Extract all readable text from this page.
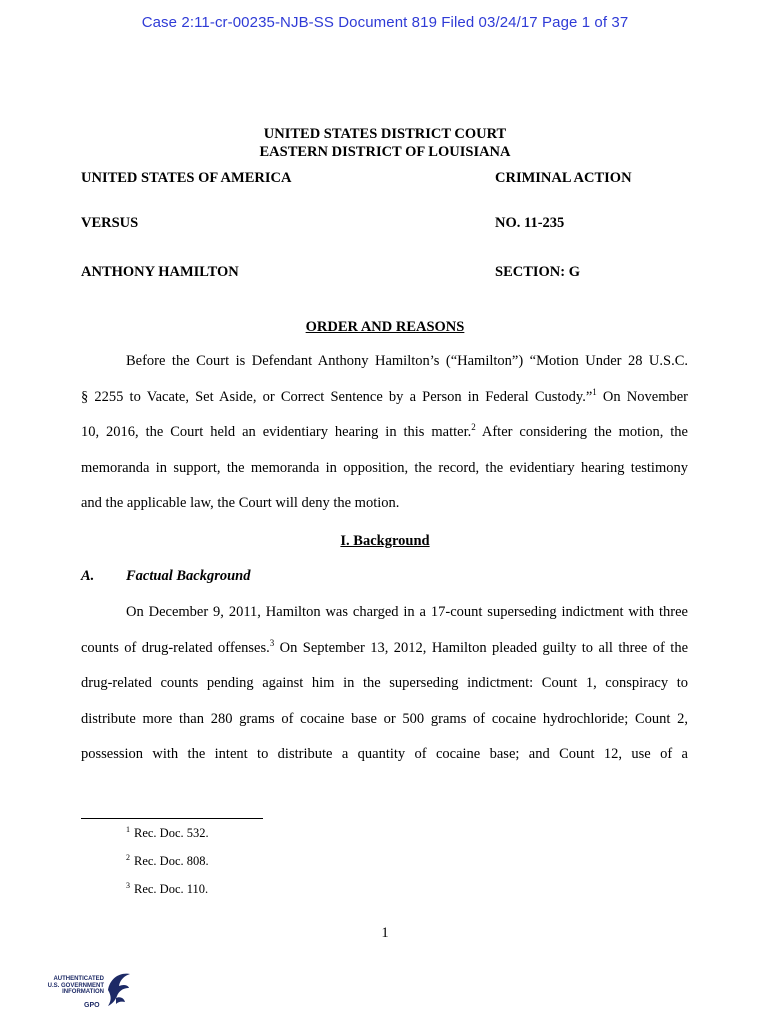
Case 2:11-cr-00235-NJB-SS Document 819 Filed 03/24/17 Page 1 of 37
UNITED STATES DISTRICT COURT
EASTERN DISTRICT OF LOUISIANA
UNITED STATES OF AMERICA	CRIMINAL ACTION
VERSUS	NO. 11-235
ANTHONY HAMILTON	SECTION: G
ORDER AND REASONS
Before the Court is Defendant Anthony Hamilton’s (“Hamilton”) “Motion Under 28 U.S.C.
§ 2255 to Vacate, Set Aside, or Correct Sentence by a Person in Federal Custody.”$^1$ On November
10, 2016, the Court held an evidentiary hearing in this matter.$^2$ After considering the motion, the
memoranda in support, the memoranda in opposition, the record, the evidentiary hearing testimony
and the applicable law, the Court will deny the motion.
I. Background
A. Factual Background
On December 9, 2011, Hamilton was charged in a 17-count superseding indictment with three
counts of drug-related offenses.$^3$ On September 13, 2012, Hamilton pleaded guilty to all three of the
drug-related counts pending against him in the superseding indictment: Count 1, conspiracy to
distribute more than 280 grams of cocaine base or 500 grams of cocaine hydrochloride; Count 2,
possession with the intent to distribute a quantity of cocaine base; and Count 12, use of a
$^1$ Rec. Doc. 532.
$^2$ Rec. Doc. 808.
$^3$ Rec. Doc. 110.
1
AUTHENTICATED
U.S. GOVERNMENT
INFORMATION
GPO
